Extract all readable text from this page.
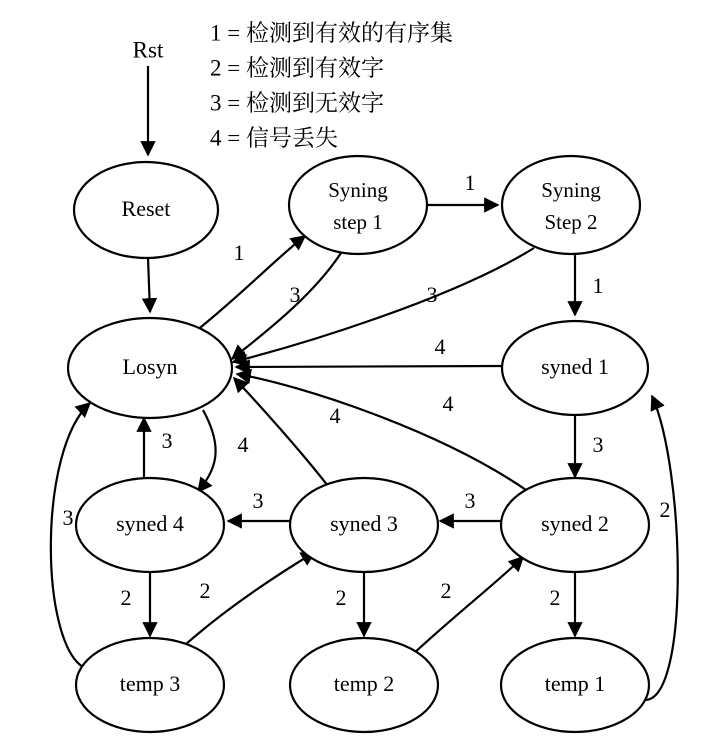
1 = 检测到有效的有序集
2 = 检测到有效字
3 = 检测到无效字
4 = 信号丢失
Rst
1
1
3	3	1
4
3
4
4
3	4
3
3
2	2	2	2	2
2
3
Reset
Syning
step 1
Syning
Step 2
Losyn	syned 1
syned 4	syned 3	syned 2
temp 3	temp 2	temp 1
